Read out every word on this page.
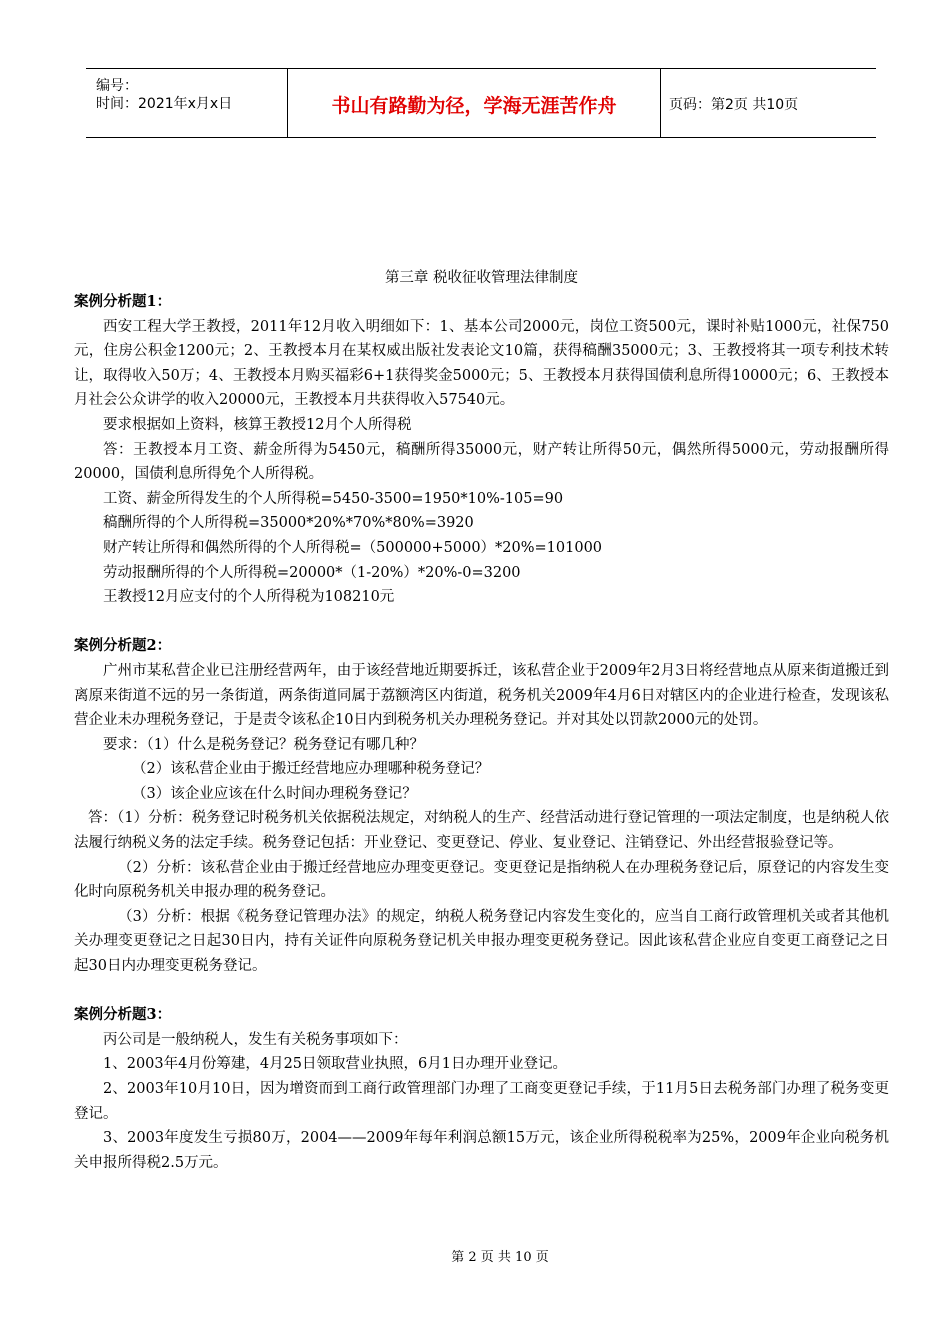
编号：
时间：2021年x月x日	书山有路勤为径，学海无涯苦作舟	页码：第2页 共10页
第三章 税收征收管理法律制度

案例分析题1：

西安工程大学王教授，2011年12月收入明细如下：1、基本公司2000元，岗位工资500元，课时补贴1000元，社保750元，住房公积金1200元；2、王教授本月在某权威出版社发表论文10篇，获得稿酬35000元；3、王教授将其一项专利技术转让，取得收入50万；4、王教授本月购买福彩6+1获得奖金5000元；5、王教授本月获得国债利息所得10000元；6、王教授本月社会公众讲学的收入20000元，王教授本月共获得收入57540元。

要求根据如上资料，核算王教授12月个人所得税

答：王教授本月工资、薪金所得为5450元，稿酬所得35000元，财产转让所得50元，偶然所得5000元，劳动报酬所得20000，国债利息所得免个人所得税。

工资、薪金所得发生的个人所得税=5450-3500=1950*10%-105=90

稿酬所得的个人所得税=35000*20%*70%*80%=3920

财产转让所得和偶然所得的个人所得税=（500000+5000）*20%=101000

劳动报酬所得的个人所得税=20000*（1-20%）*20%-0=3200

王教授12月应支付的个人所得税为108210元

案例分析题2：

广州市某私营企业已注册经营两年，由于该经营地近期要拆迁，该私营企业于2009年2月3日将经营地点从原来街道搬迁到离原来街道不远的另一条街道，两条街道同属于荔额湾区内街道，税务机关2009年4月6日对辖区内的企业进行检查，发现该私营企业未办理税务登记，于是责令该私企10日内到税务机关办理税务登记。并对其处以罚款2000元的处罚。

要求：（1）什么是税务登记？税务登记有哪几种？

（2）该私营企业由于搬迁经营地应办理哪种税务登记？

（3）该企业应该在什么时间办理税务登记？

答：（1）分析：税务登记时税务机关依据税法规定，对纳税人的生产、经营活动进行登记管理的一项法定制度，也是纳税人依法履行纳税义务的法定手续。税务登记包括：开业登记、变更登记、停业、复业登记、注销登记、外出经营报验登记等。

（2）分析：该私营企业由于搬迁经营地应办理变更登记。变更登记是指纳税人在办理税务登记后，原登记的内容发生变化时向原税务机关申报办理的税务登记。

（3）分析：根据《税务登记管理办法》的规定，纳税人税务登记内容发生变化的，应当自工商行政管理机关或者其他机关办理变更登记之日起30日内，持有关证件向原税务登记机关申报办理变更税务登记。因此该私营企业应自变更工商登记之日起30日内办理变更税务登记。

案例分析题3：

丙公司是一般纳税人，发生有关税务事项如下：

1、2003年4月份筹建，4月25日领取营业执照，6月1日办理开业登记。

2、2003年10月10日，因为增资而到工商行政管理部门办理了工商变更登记手续，于11月5日去税务部门办理了税务变更登记。

3、2003年度发生亏损80万，2004——2009年每年利润总额15万元，该企业所得税税率为25%，2009年企业向税务机关申报所得税2.5万元。

第 2 页 共 10 页
